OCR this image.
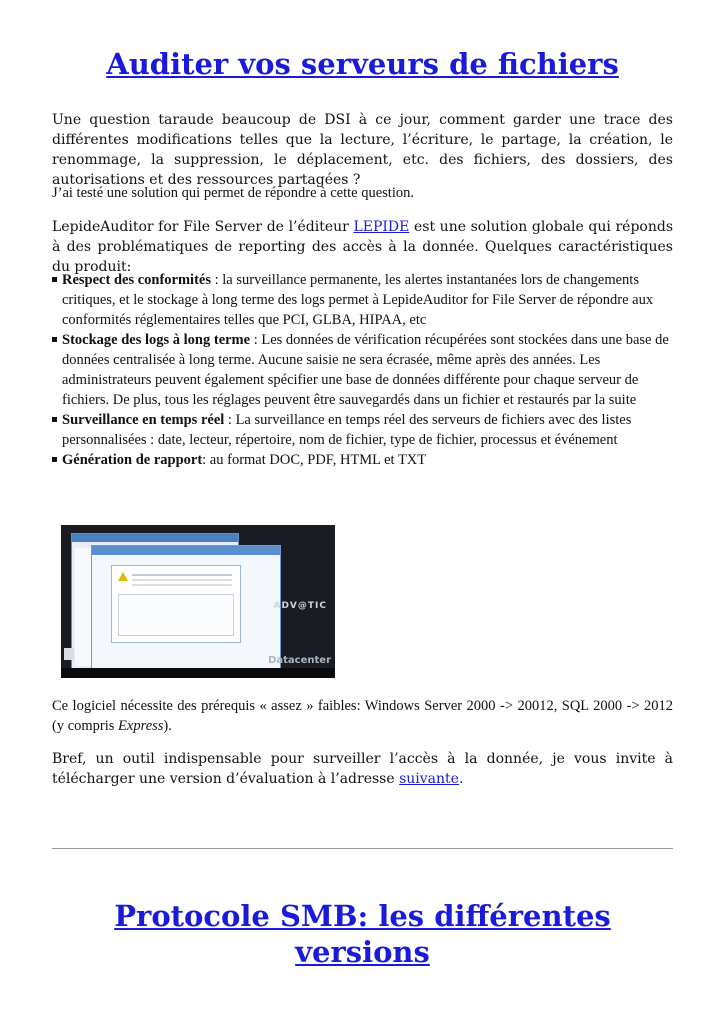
Auditer vos serveurs de fichiers

Une question taraude beaucoup de DSI à ce jour, comment garder une trace des différentes modifications telles que la lecture, l’écriture, le partage, la création, le renommage, la suppression, le déplacement, etc. des fichiers, des dossiers, des autorisations et des ressources partagées ?

J’ai testé une solution qui permet de répondre à cette question.

LepideAuditor for File Server de l’éditeur LEPIDE est une solution globale qui réponds à des problématiques de reporting des accès à la donnée. Quelques caractéristiques du produit:

Respect des conformités : la surveillance permanente, les alertes instantanées lors de changements critiques, et le stockage à long terme des logs permet à LepideAuditor for File Server de répondre aux conformités réglementaires telles que PCI, GLBA, HIPAA, etc
Stockage des logs à long terme : Les données de vérification récupérées sont stockées dans une base de données centralisée à long terme. Aucune saisie ne sera écrasée, même après des années. Les administrateurs peuvent également spécifier une base de données différente pour chaque serveur de fichiers. De plus, tous les réglages peuvent être sauvegardés dans un fichier et restaurés par la suite
Surveillance en temps réel : La surveillance en temps réel des serveurs de fichiers avec des listes personnalisées : date, lecteur, répertoire, nom de fichier, type de fichier, processus et événement
Génération de rapport: au format DOC, PDF, HTML et TXT
ADV@TIC
Datacenter

Ce logiciel nécessite des prérequis « assez » faibles: Windows Server 2000 -> 20012, SQL 2000 -> 2012 (y compris Express).

Bref, un outil indispensable pour surveiller l’accès à la donnée, je vous invite à télécharger une version d’évaluation à l’adresse suivante.

Protocole SMB: les différentes versions
